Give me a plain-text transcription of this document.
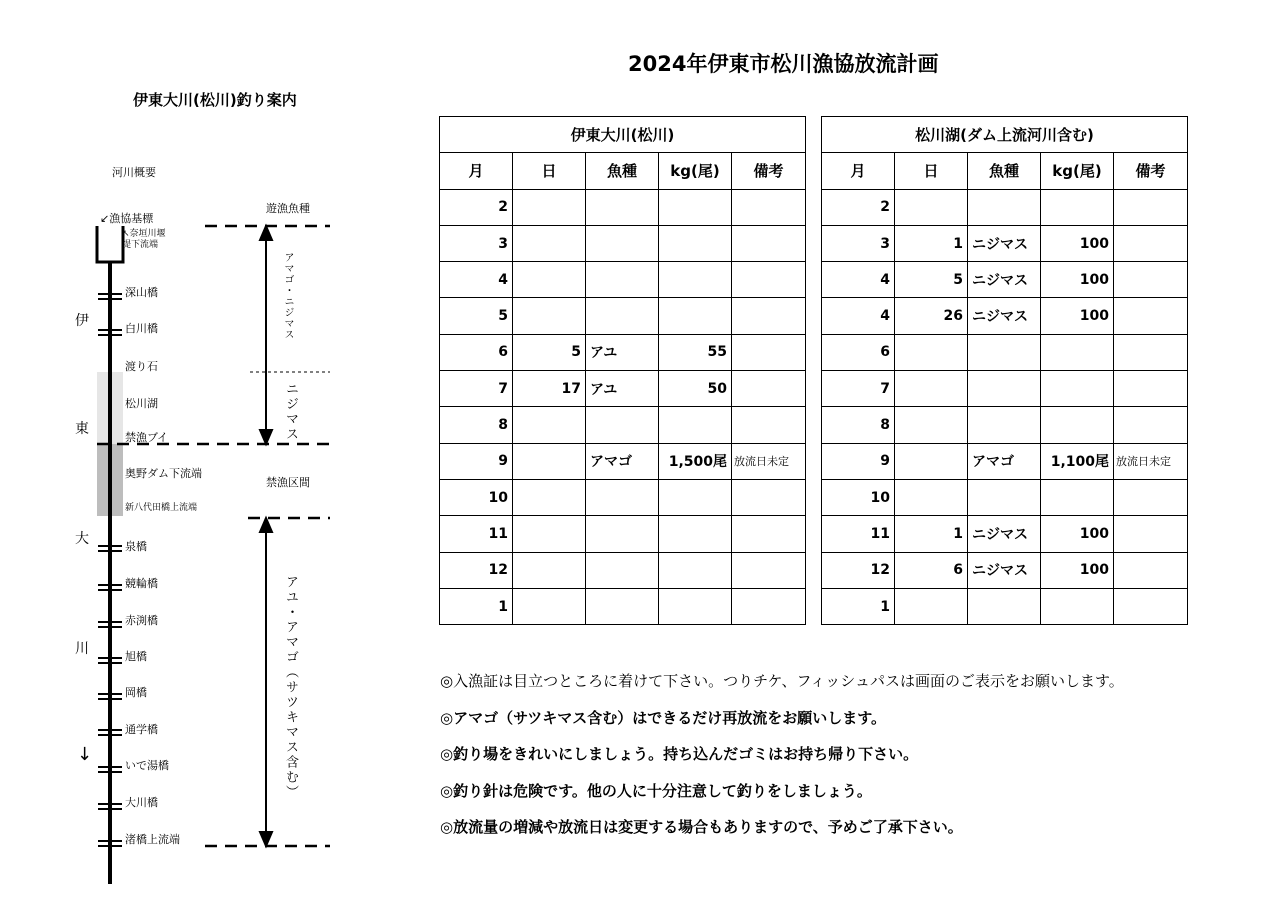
2024年伊東市松川漁協放流計画
伊東大川(松川)釣り案内
河川概要
遊漁魚種
禁漁区間
↙漁協基標
↖奈垣川堰
堤下流端
深山橋
白川橋
渡り石
松川湖
禁漁ブイ
奥野ダム下流端
新八代田橋上流端
泉橋
競輪橋
赤渕橋
旭橋
岡橋
通学橋
いで湯橋
大川橋
渚橋上流端
伊
東
大
川
↓
アマゴ・ニジマス
ニジマス
アユ・アマゴ（サツキマス含む）
伊東大川(松川)				
月	日	魚種	kg(尾)	備考
2				
3				
4				
5				
6	5	アユ	55	
7	17	アユ	50	
8				
9		アマゴ	1,500尾	放流日未定
10				
11				
12				
1				
松川湖(ダム上流河川含む)				
月	日	魚種	kg(尾)	備考
2				
3	1	ニジマス	100	
4	5	ニジマス	100	
4	26	ニジマス	100	
6				
7				
8				
9		アマゴ	1,100尾	放流日未定
10				
11	1	ニジマス	100	
12	6	ニジマス	100	
1				
◎入漁証は目立つところに着けて下さい。つりチケ、フィッシュパスは画面のご表示をお願いします。
◎アマゴ（サツキマス含む）はできるだけ再放流をお願いします。
◎釣り場をきれいにしましょう。持ち込んだゴミはお持ち帰り下さい。
◎釣り針は危険です。他の人に十分注意して釣りをしましょう。
◎放流量の増減や放流日は変更する場合もありますので、予めご了承下さい。
